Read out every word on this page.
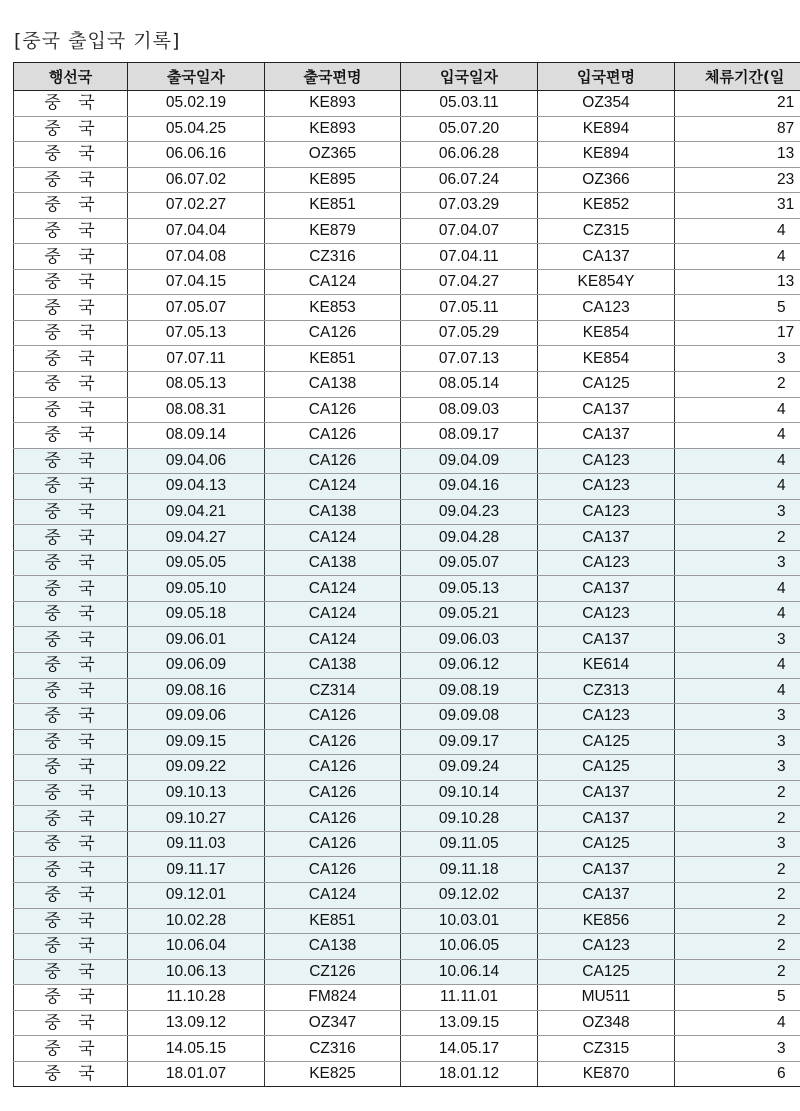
[중국 출입국 기록]
행선국	출국일자	출국편명	입국일자	입국편명	체류기간(일
중 국	05.02.19	KE893	05.03.11	OZ354	21
중 국	05.04.25	KE893	05.07.20	KE894	87
중 국	06.06.16	OZ365	06.06.28	KE894	13
중 국	06.07.02	KE895	06.07.24	OZ366	23
중 국	07.02.27	KE851	07.03.29	KE852	31
중 국	07.04.04	KE879	07.04.07	CZ315	4
중 국	07.04.08	CZ316	07.04.11	CA137	4
중 국	07.04.15	CA124	07.04.27	KE854Y	13
중 국	07.05.07	KE853	07.05.11	CA123	5
중 국	07.05.13	CA126	07.05.29	KE854	17
중 국	07.07.11	KE851	07.07.13	KE854	3
중 국	08.05.13	CA138	08.05.14	CA125	2
중 국	08.08.31	CA126	08.09.03	CA137	4
중 국	08.09.14	CA126	08.09.17	CA137	4
중 국	09.04.06	CA126	09.04.09	CA123	4
중 국	09.04.13	CA124	09.04.16	CA123	4
중 국	09.04.21	CA138	09.04.23	CA123	3
중 국	09.04.27	CA124	09.04.28	CA137	2
중 국	09.05.05	CA138	09.05.07	CA123	3
중 국	09.05.10	CA124	09.05.13	CA137	4
중 국	09.05.18	CA124	09.05.21	CA123	4
중 국	09.06.01	CA124	09.06.03	CA137	3
중 국	09.06.09	CA138	09.06.12	KE614	4
중 국	09.08.16	CZ314	09.08.19	CZ313	4
중 국	09.09.06	CA126	09.09.08	CA123	3
중 국	09.09.15	CA126	09.09.17	CA125	3
중 국	09.09.22	CA126	09.09.24	CA125	3
중 국	09.10.13	CA126	09.10.14	CA137	2
중 국	09.10.27	CA126	09.10.28	CA137	2
중 국	09.11.03	CA126	09.11.05	CA125	3
중 국	09.11.17	CA126	09.11.18	CA137	2
중 국	09.12.01	CA124	09.12.02	CA137	2
중 국	10.02.28	KE851	10.03.01	KE856	2
중 국	10.06.04	CA138	10.06.05	CA123	2
중 국	10.06.13	CZ126	10.06.14	CA125	2
중 국	11.10.28	FM824	11.11.01	MU511	5
중 국	13.09.12	OZ347	13.09.15	OZ348	4
중 국	14.05.15	CZ316	14.05.17	CZ315	3
중 국	18.01.07	KE825	18.01.12	KE870	6
